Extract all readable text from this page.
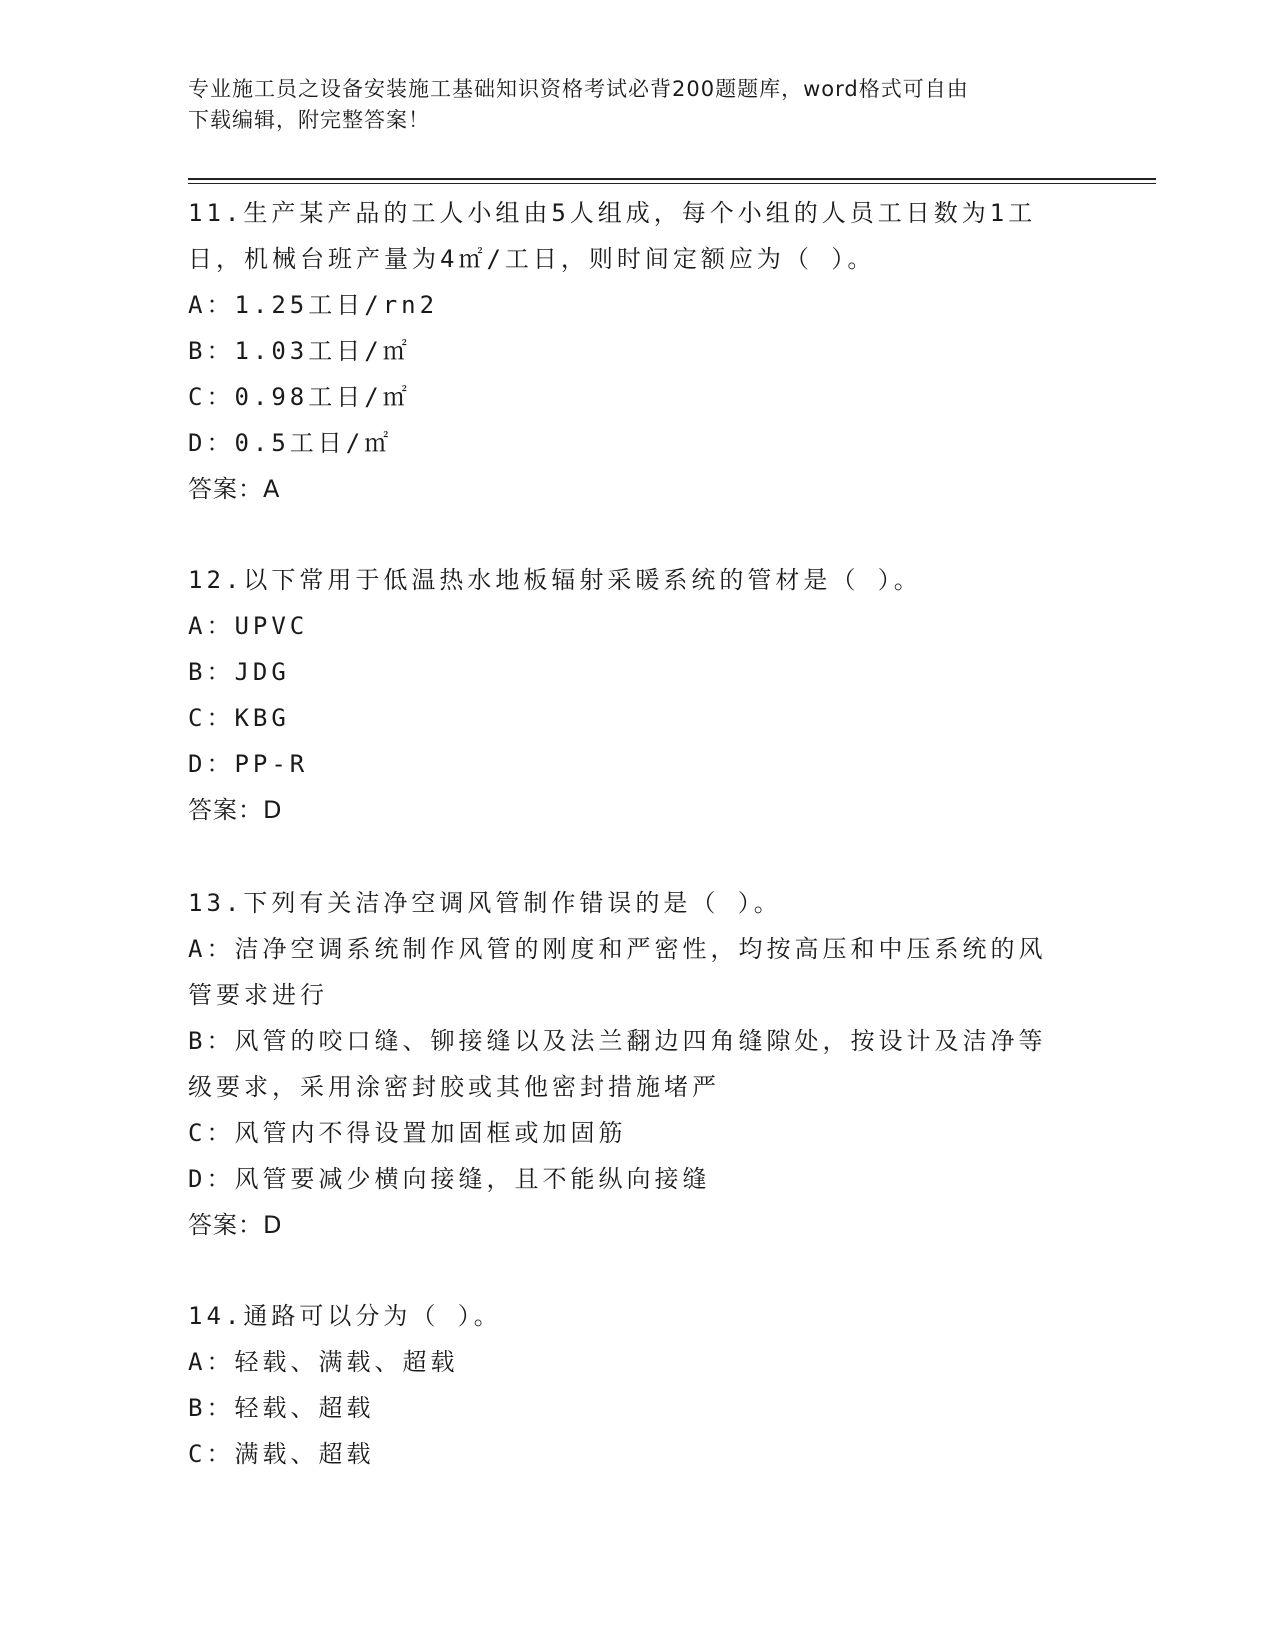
专业施工员之设备安装施工基础知识资格考试必背200题题库，word格式可自由
下载编辑，附完整答案！
11.生产某产品的工人小组由5人组成，每个小组的人员工日数为1工
日，机械台班产量为4㎡/工日，则时间定额应为（ ）。
A：1.25工日/rn2
B：1.03工日/㎡
C：0.98工日/㎡
D：0.5工日/㎡
答案：A
12.以下常用于低温热水地板辐射采暖系统的管材是（ ）。
A：UPVC
B：JDG
C：KBG
D：PP-R
答案：D
13.下列有关洁净空调风管制作错误的是（ ）。
A：洁净空调系统制作风管的刚度和严密性，均按高压和中压系统的风
管要求进行
B：风管的咬口缝、铆接缝以及法兰翻边四角缝隙处，按设计及洁净等
级要求，采用涂密封胶或其他密封措施堵严
C：风管内不得设置加固框或加固筋
D：风管要减少横向接缝，且不能纵向接缝
答案：D
14.通路可以分为（ ）。
A：轻载、满载、超载
B：轻载、超载
C：满载、超载
